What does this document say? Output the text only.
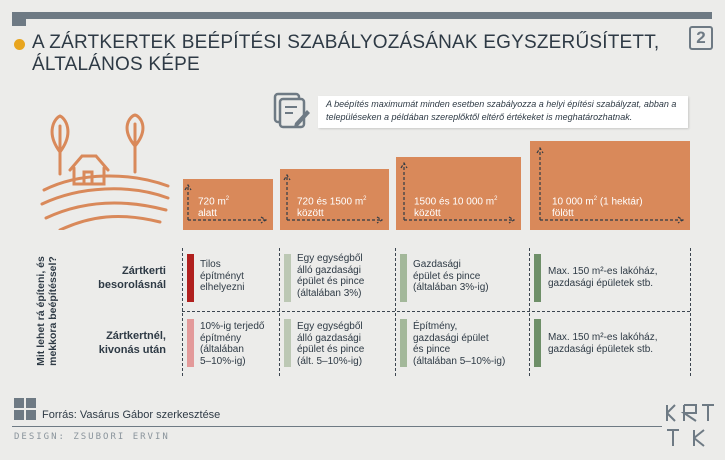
2
A ZÁRTKERTEK BEÉPÍTÉSI SZABÁLYOZÁSÁNAK EGYSZERŰSÍTETT, ÁLTALÁNOS KÉPE
A beépítés maximumát minden esetben szabályozza a helyi építési szabályzat, abban a településeken a példában szereplőktől eltérő értékeket is meghatározhatnak.
720 $m^2$
alatt
720 és 1500 $m^2$
között
1500 és 10 000 $m^2$
között
10 000 $m^2$ (1 hektár)
fölött
Mit lehet rá építeni, és mekkora beépítéssel?	Zártkerti
besorolásnál
Zártkertnél,
kivonás után
Tilos
építményt
elhelyezni
Egy egységből
álló gazdasági
épület és pince
(általában 3%)
Gazdasági
épület és pince
(általában 3%-ig)
Max. 150 m²-es lakóház,
gazdasági épületek stb.
10%-ig terjedő
építmény
(általában
5–10%-ig)
Egy egységből
álló gazdasági
épület és pince
(ált. 5–10%-ig)
Építmény,
gazdasági épület
és pince
(általában 5–10%-ig)
Max. 150 m²-es lakóház,
gazdasági épületek stb.
Forrás: Vasárus Gábor szerkesztése
DESIGN: ZSUBORI ERVIN
